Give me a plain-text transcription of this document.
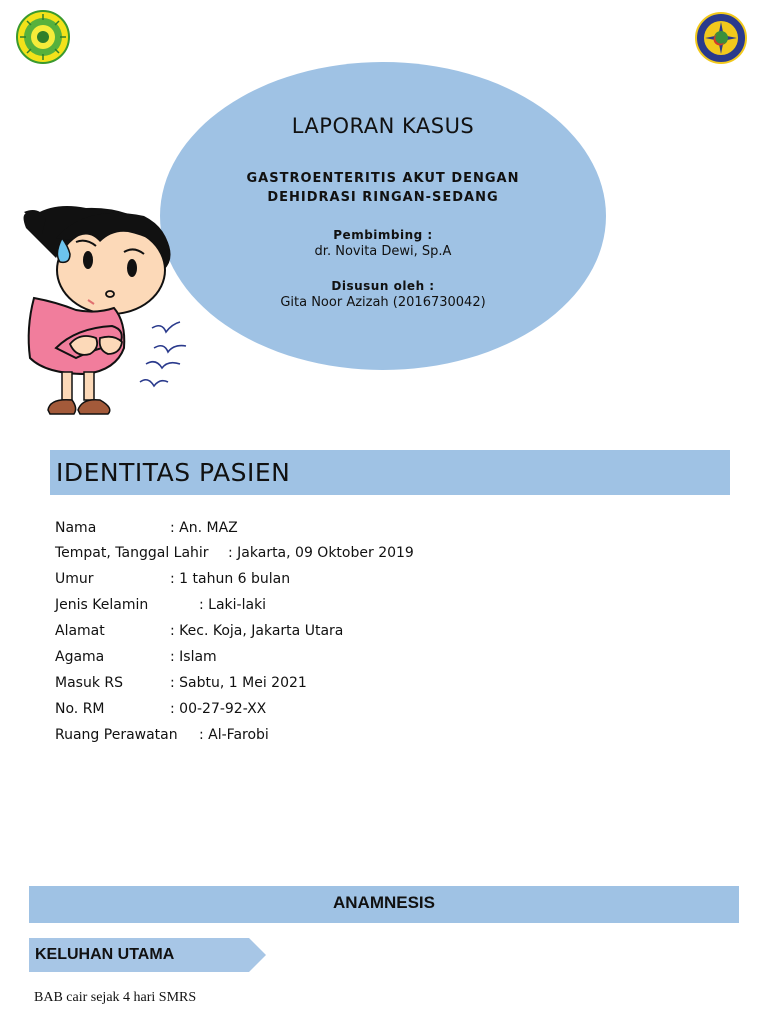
LAPORAN KASUS
GASTROENTERITIS AKUT DENGAN
DEHIDRASI RINGAN-SEDANG
Pembimbing :
dr. Novita Dewi, Sp.A
Disusun oleh :
Gita Noor Azizah (2016730042)
IDENTITAS PASIEN
Nama	: An. MAZ
Tempat, Tanggal Lahir : Jakarta, 09 Oktober 2019
Umur	: 1 tahun 6 bulan
Jenis Kelamin	: Laki-laki
Alamat	: Kec. Koja, Jakarta Utara
Agama	: Islam
Masuk RS	: Sabtu, 1 Mei 2021
No. RM	: 00-27-92-XX
Ruang Perawatan : Al-Farobi
ANAMNESIS
KELUHAN UTAMA
BAB cair sejak 4 hari SMRS
